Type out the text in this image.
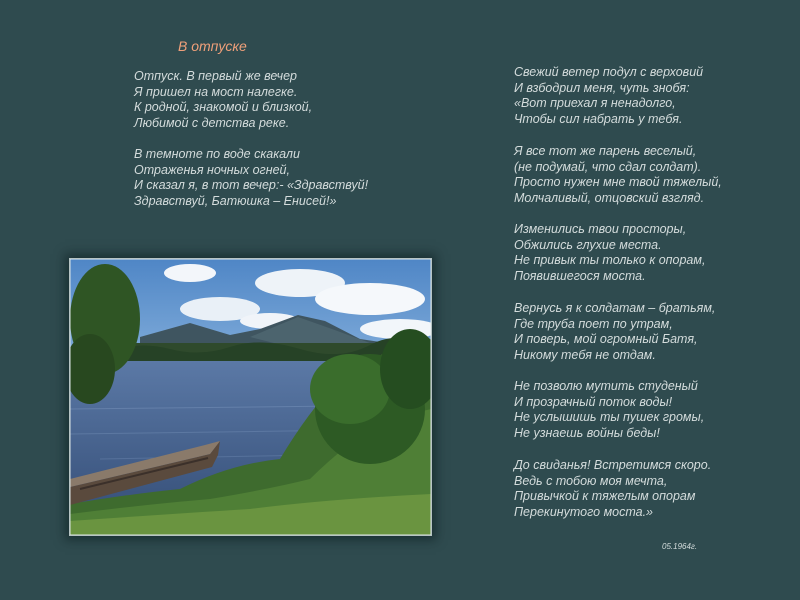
В отпуске

Отпуск. В первый же вечер
Я пришел на мост налегке.
К родной, знакомой и близкой,
Любимой с детства реке.

В темноте по воде скакали
Отраженья ночных огней,
И сказал я, в тот вечер:- «Здравствуй!
Здравствуй, Батюшка – Енисей!»

Свежий ветер подул с верховий
И взбодрил меня, чуть знобя:
«Вот приехал я ненадолго,
Чтобы сил набрать у тебя.

Я все тот же парень веселый,
(не подумай, что сдал солдат).
Просто нужен мне твой тяжелый,
Молчаливый, отцовский взгляд.

Изменились твои просторы,
Обжились глухие места.
Не привык ты только к опорам,
Появившегося моста.

Вернусь я к солдатам – братьям,
Где труба поет по утрам,
И поверь, мой огромный Батя,
Никому тебя не отдам.

Не позволю мутить студеный
И прозрачный поток воды!
Не услышишь ты пушек громы,
Не узнаешь войны беды!

До свиданья! Встретимся скоро.
Ведь с тобою моя мечта,
Привычкой к тяжелым опорам
Перекинутого моста.»

05.1964г.
